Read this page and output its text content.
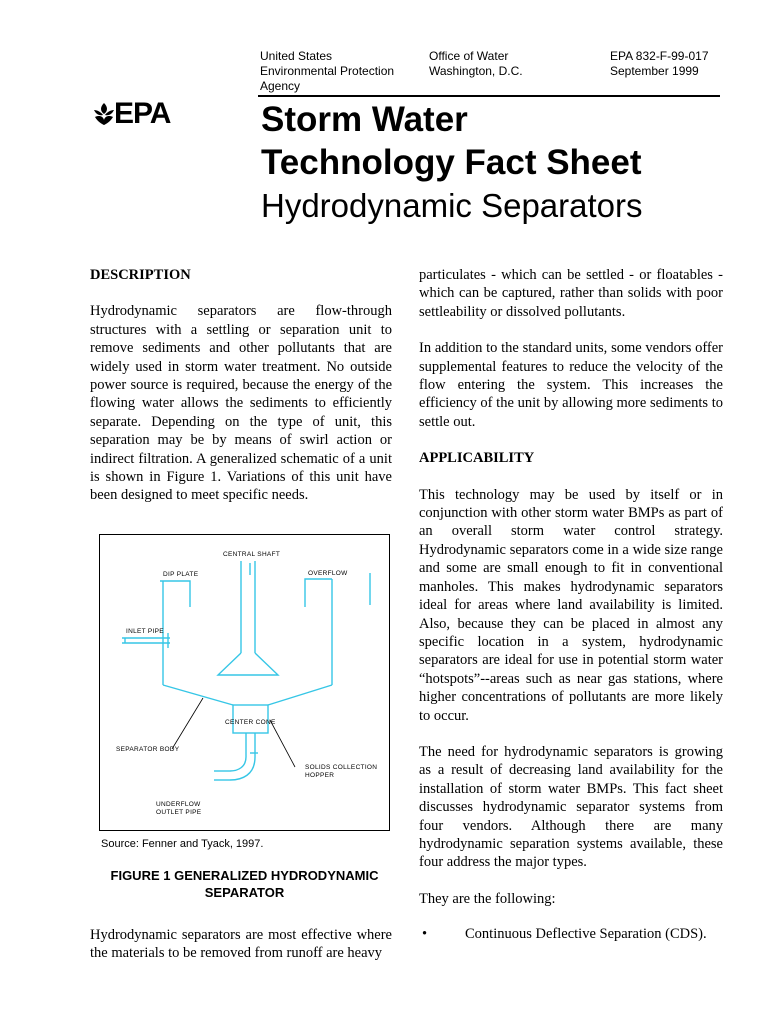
United States
Environmental Protection
Agency
Office of Water
Washington, D.C.
EPA 832-F-99-017
September 1999
EPA	Storm Water
Technology Fact Sheet
Hydrodynamic Separators

DESCRIPTION

Hydrodynamic separators are flow-through structures with a settling or separation unit to remove sediments and other pollutants that are widely used in storm water treatment. No outside power source is required, because the energy of the flowing water allows the sediments to efficiently separate. Depending on the type of unit, this separation may be by means of swirl action or indirect filtration. A generalized schematic of a unit is shown in Figure 1. Variations of this unit have been designed to meet specific needs.

CENTRAL SHAFT
DIP PLATE	OVERFLOW
INLET PIPE
CENTER CONE
SEPARATOR BODY
SOLIDS COLLECTION
HOPPER
UNDERFLOW
OUTLET PIPE
Source: Fenner and Tyack, 1997.
FIGURE 1 GENERALIZED HYDRODYNAMIC
SEPARATOR

Hydrodynamic separators are most effective where the materials to be removed from runoff are heavy

particulates - which can be settled - or floatables - which can be captured, rather than solids with poor settleability or dissolved pollutants.

In addition to the standard units, some vendors offer supplemental features to reduce the velocity of the flow entering the system. This increases the efficiency of the unit by allowing more sediments to settle out.

APPLICABILITY

This technology may be used by itself or in conjunction with other storm water BMPs as part of an overall storm water control strategy. Hydrodynamic separators come in a wide size range and some are small enough to fit in conventional manholes. This makes hydrodynamic separators ideal for areas where land availability is limited. Also, because they can be placed in almost any specific location in a system, hydrodynamic separators are ideal for use in potential storm water “hotspots”--areas such as near gas stations, where higher concentrations of pollutants are more likely to occur.

The need for hydrodynamic separators is growing as a result of decreasing land availability for the installation of storm water BMPs. This fact sheet discusses hydrodynamic separator systems from four vendors. Although there are many hydrodynamic separation systems available, these four address the major types.

They are the following:

•	Continuous Deflective Separation (CDS).
